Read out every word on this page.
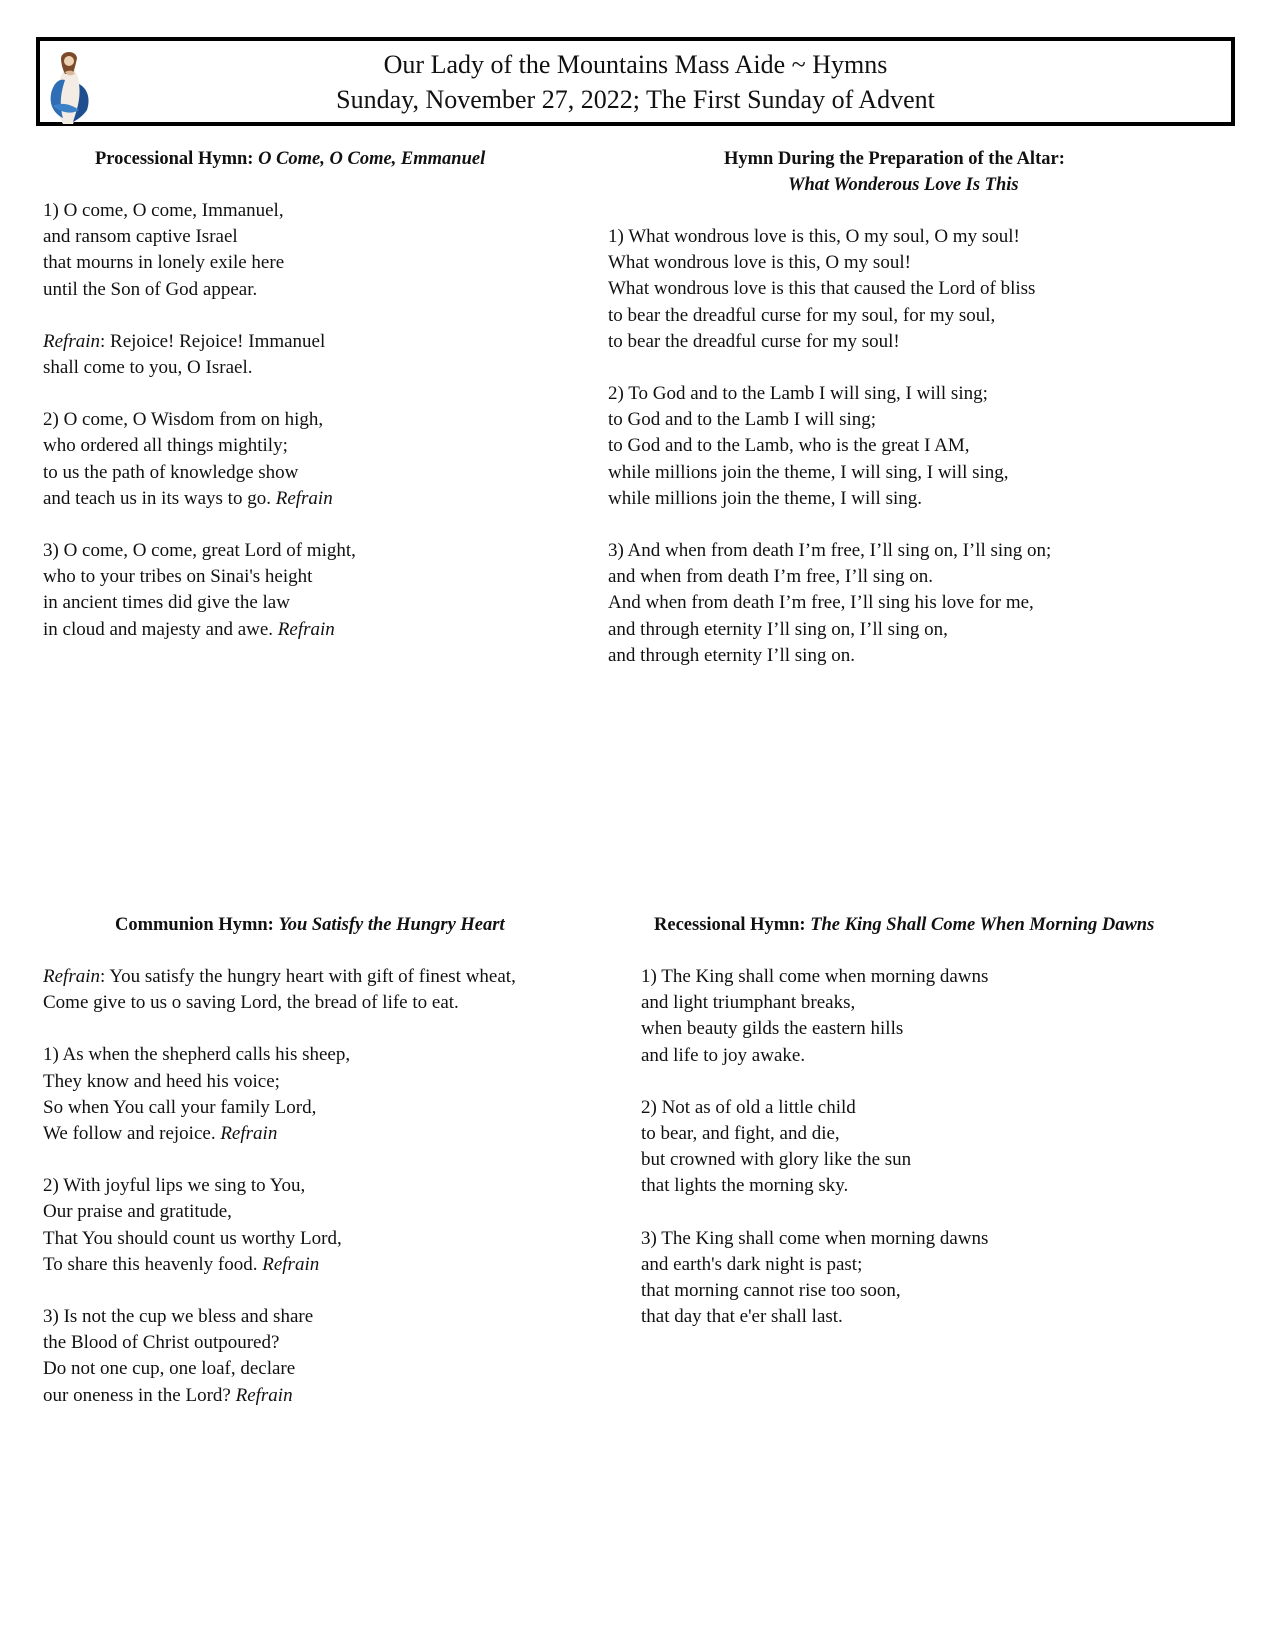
Our Lady of the Mountains Mass Aide ~ Hymns
Sunday, November 27, 2022; The First Sunday of Advent
Processional Hymn: O Come, O Come, Emmanuel
1) O come, O come, Immanuel,
and ransom captive Israel
that mourns in lonely exile here
until the Son of God appear.
Refrain: Rejoice! Rejoice! Immanuel
shall come to you, O Israel.
2) O come, O Wisdom from on high,
who ordered all things mightily;
to us the path of knowledge show
and teach us in its ways to go. Refrain
3) O come, O come, great Lord of might,
who to your tribes on Sinai's height
in ancient times did give the law
in cloud and majesty and awe. Refrain
Hymn During the Preparation of the Altar:
What Wonderous Love Is This
1) What wondrous love is this, O my soul, O my soul!
What wondrous love is this, O my soul!
What wondrous love is this that caused the Lord of bliss
to bear the dreadful curse for my soul, for my soul,
to bear the dreadful curse for my soul!
2) To God and to the Lamb I will sing, I will sing;
to God and to the Lamb I will sing;
to God and to the Lamb, who is the great I AM,
while millions join the theme, I will sing, I will sing,
while millions join the theme, I will sing.
3) And when from death I’m free, I’ll sing on, I’ll sing on;
and when from death I’m free, I’ll sing on.
And when from death I’m free, I’ll sing his love for me,
and through eternity I’ll sing on, I’ll sing on,
and through eternity I’ll sing on.
Communion Hymn: You Satisfy the Hungry Heart
Refrain: You satisfy the hungry heart with gift of finest wheat,
Come give to us o saving Lord, the bread of life to eat.
1) As when the shepherd calls his sheep,
They know and heed his voice;
So when You call your family Lord,
We follow and rejoice. Refrain
2) With joyful lips we sing to You,
Our praise and gratitude,
That You should count us worthy Lord,
To share this heavenly food. Refrain
3) Is not the cup we bless and share
the Blood of Christ outpoured?
Do not one cup, one loaf, declare
our oneness in the Lord? Refrain
Recessional Hymn: The King Shall Come When Morning Dawns
1) The King shall come when morning dawns
and light triumphant breaks,
when beauty gilds the eastern hills
and life to joy awake.
2) Not as of old a little child
to bear, and fight, and die,
but crowned with glory like the sun
that lights the morning sky.
3) The King shall come when morning dawns
and earth's dark night is past;
that morning cannot rise too soon,
that day that e'er shall last.
